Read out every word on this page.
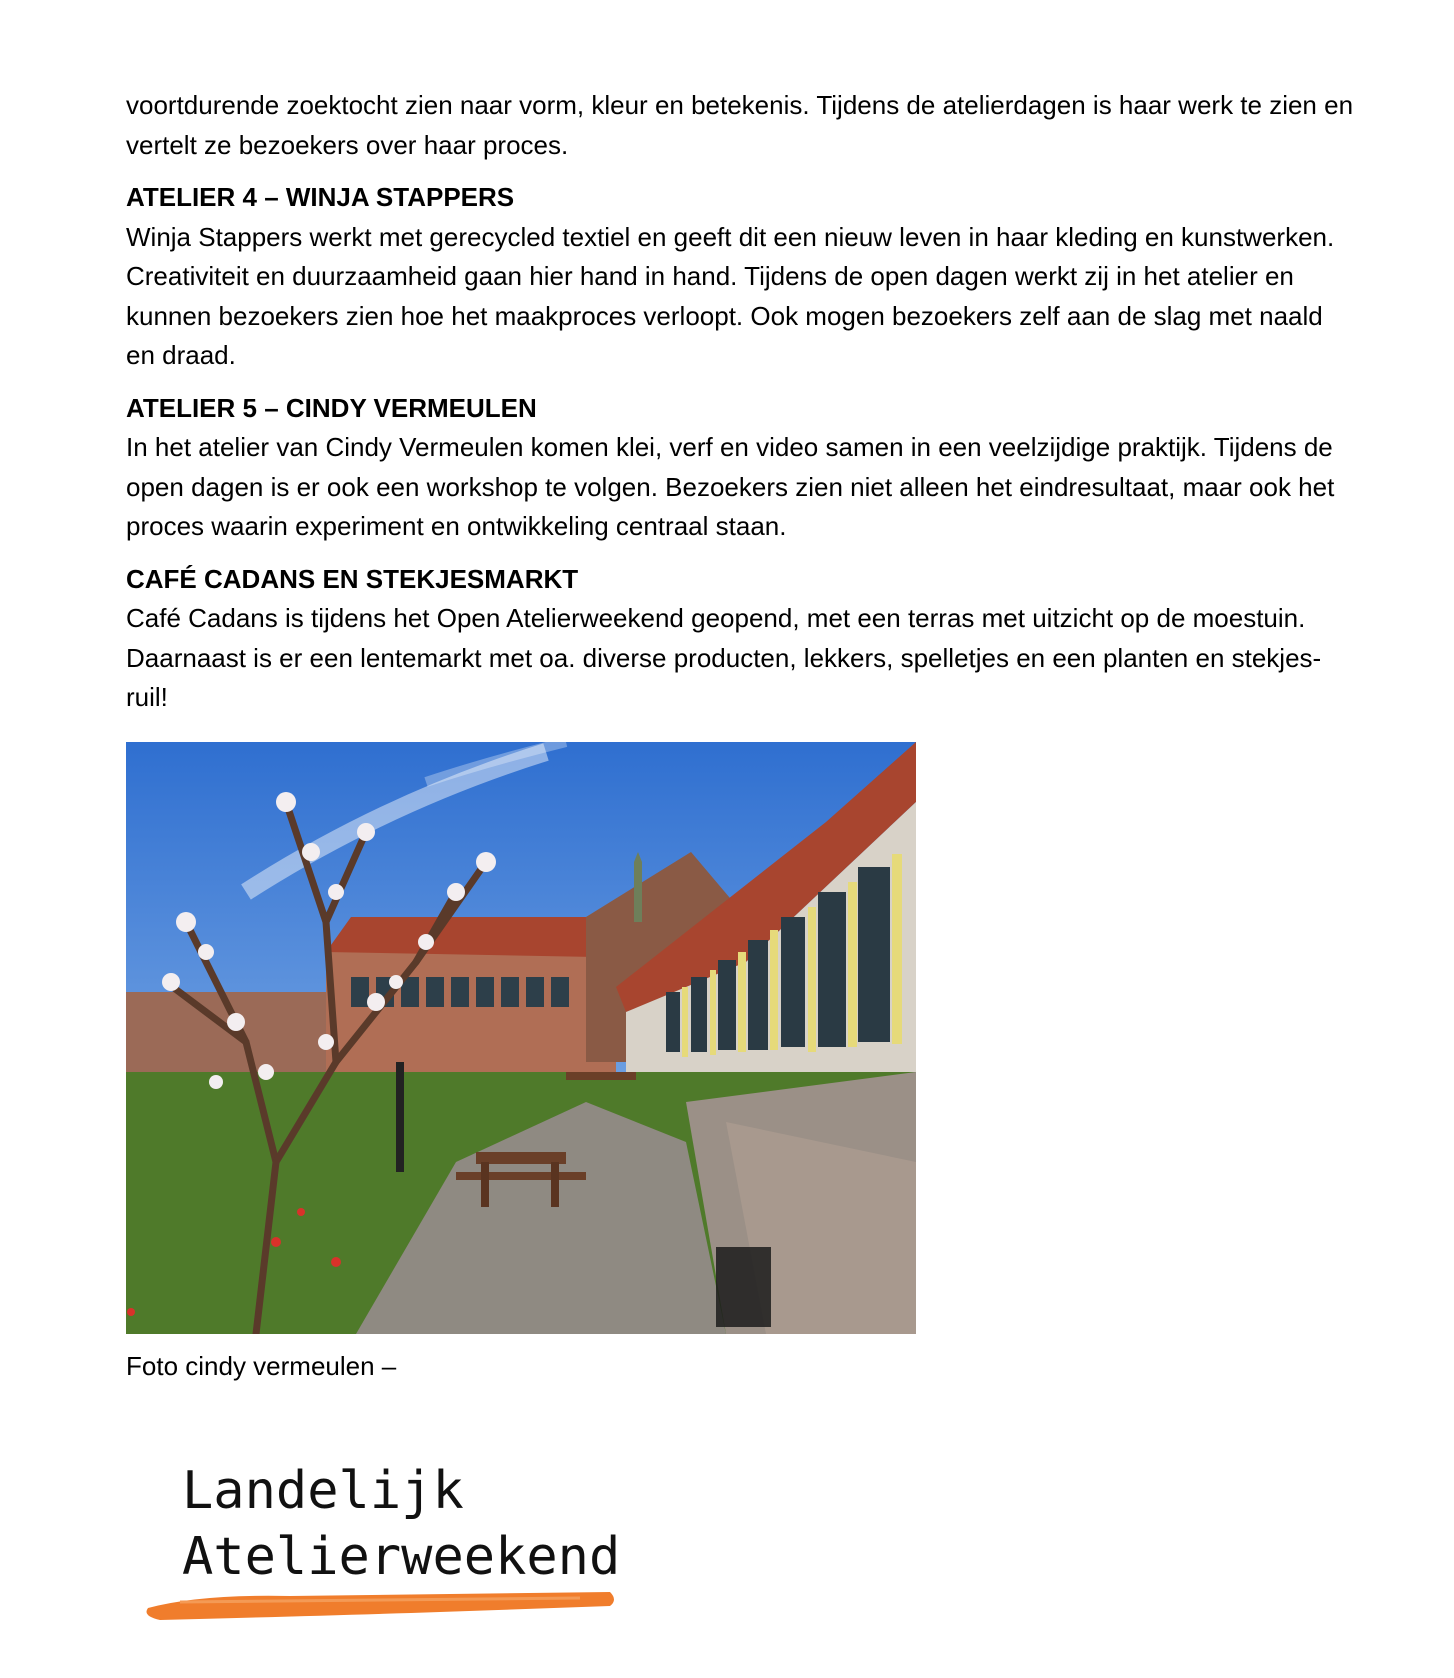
voortdurende zoektocht zien naar vorm, kleur en betekenis. Tijdens de atelierdagen is haar werk te zien en vertelt ze bezoekers over haar proces.

ATELIER 4 – WINJA STAPPERS

Winja Stappers werkt met gerecycled textiel en geeft dit een nieuw leven in haar kleding en kunstwerken. Creativiteit en duurzaamheid gaan hier hand in hand. Tijdens de open dagen werkt zij in het atelier en kunnen bezoekers zien hoe het maakproces verloopt. Ook mogen bezoekers zelf aan de slag met naald en draad.

ATELIER 5 – CINDY VERMEULEN

In het atelier van Cindy Vermeulen komen klei, verf en video samen in een veelzijdige praktijk. Tijdens de open dagen is er ook een workshop te volgen. Bezoekers zien niet alleen het eindresultaat, maar ook het proces waarin experiment en ontwikkeling centraal staan.

CAFÉ CADANS EN STEKJESMARKT

Café Cadans is tijdens het Open Atelierweekend geopend, met een terras met uitzicht op de moestuin. Daarnaast is er een lentemarkt met oa. diverse producten, lekkers, spelletjes en een planten en stekjes-ruil!

Foto cindy vermeulen –
Landelijk
Atelierweekend
